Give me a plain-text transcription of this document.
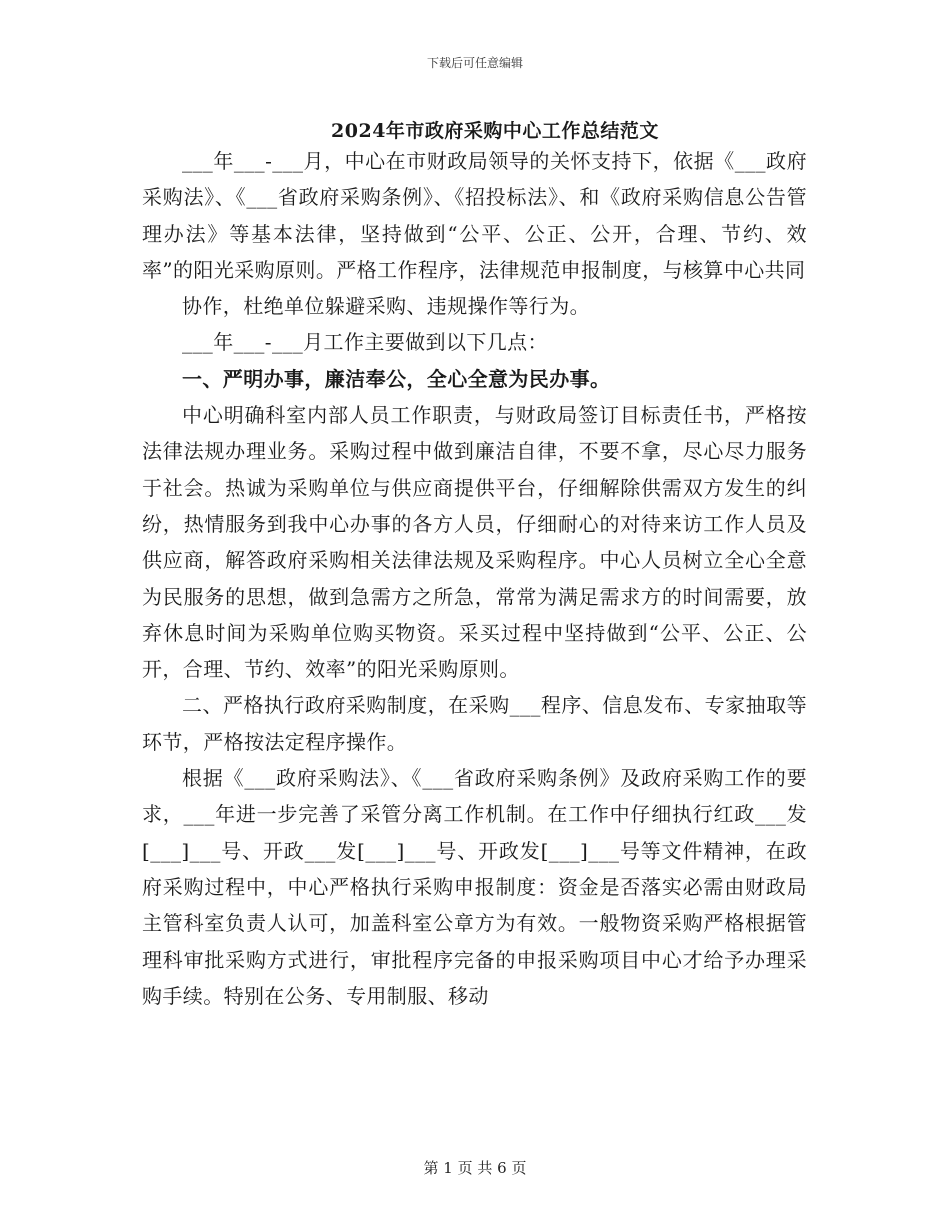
下载后可任意编辑
2024年市政府采购中心工作总结范文

___年___-___月，中心在市财政局领导的关怀支持下，依据《___政府采购法》、《___省政府采购条例》、《招投标法》、和《政府采购信息公告管理办法》等基本法律，坚持做到“公平、公正、公开，合理、节约、效率”的阳光采购原则。严格工作程序，法律规范申报制度，与核算中心共同

协作，杜绝单位躲避采购、违规操作等行为。

___年___-___月工作主要做到以下几点：

一、严明办事，廉洁奉公，全心全意为民办事。

中心明确科室内部人员工作职责，与财政局签订目标责任书，严格按法律法规办理业务。采购过程中做到廉洁自律，不要不拿，尽心尽力服务于社会。热诚为采购单位与供应商提供平台，仔细解除供需双方发生的纠纷，热情服务到我中心办事的各方人员，仔细耐心的对待来访工作人员及供应商，解答政府采购相关法律法规及采购程序。中心人员树立全心全意为民服务的思想，做到急需方之所急，常常为满足需求方的时间需要，放弃休息时间为采购单位购买物资。采买过程中坚持做到“公平、公正、公开，合理、节约、效率”的阳光采购原则。

二、严格执行政府采购制度，在采购___程序、信息发布、专家抽取等环节，严格按法定程序操作。

根据《___政府采购法》、《___省政府采购条例》及政府采购工作的要求，___年进一步完善了采管分离工作机制。在工作中仔细执行红政___发[___]___号、开政___发[___]___号、开政发[___]___号等文件精神，在政府采购过程中，中心严格执行采购申报制度：资金是否落实必需由财政局主管科室负责人认可，加盖科室公章方为有效。一般物资采购严格根据管理科审批采购方式进行，审批程序完备的申报采购项目中心才给予办理采购手续。特别在公务、专用制服、移动

第 1 页 共 6 页
